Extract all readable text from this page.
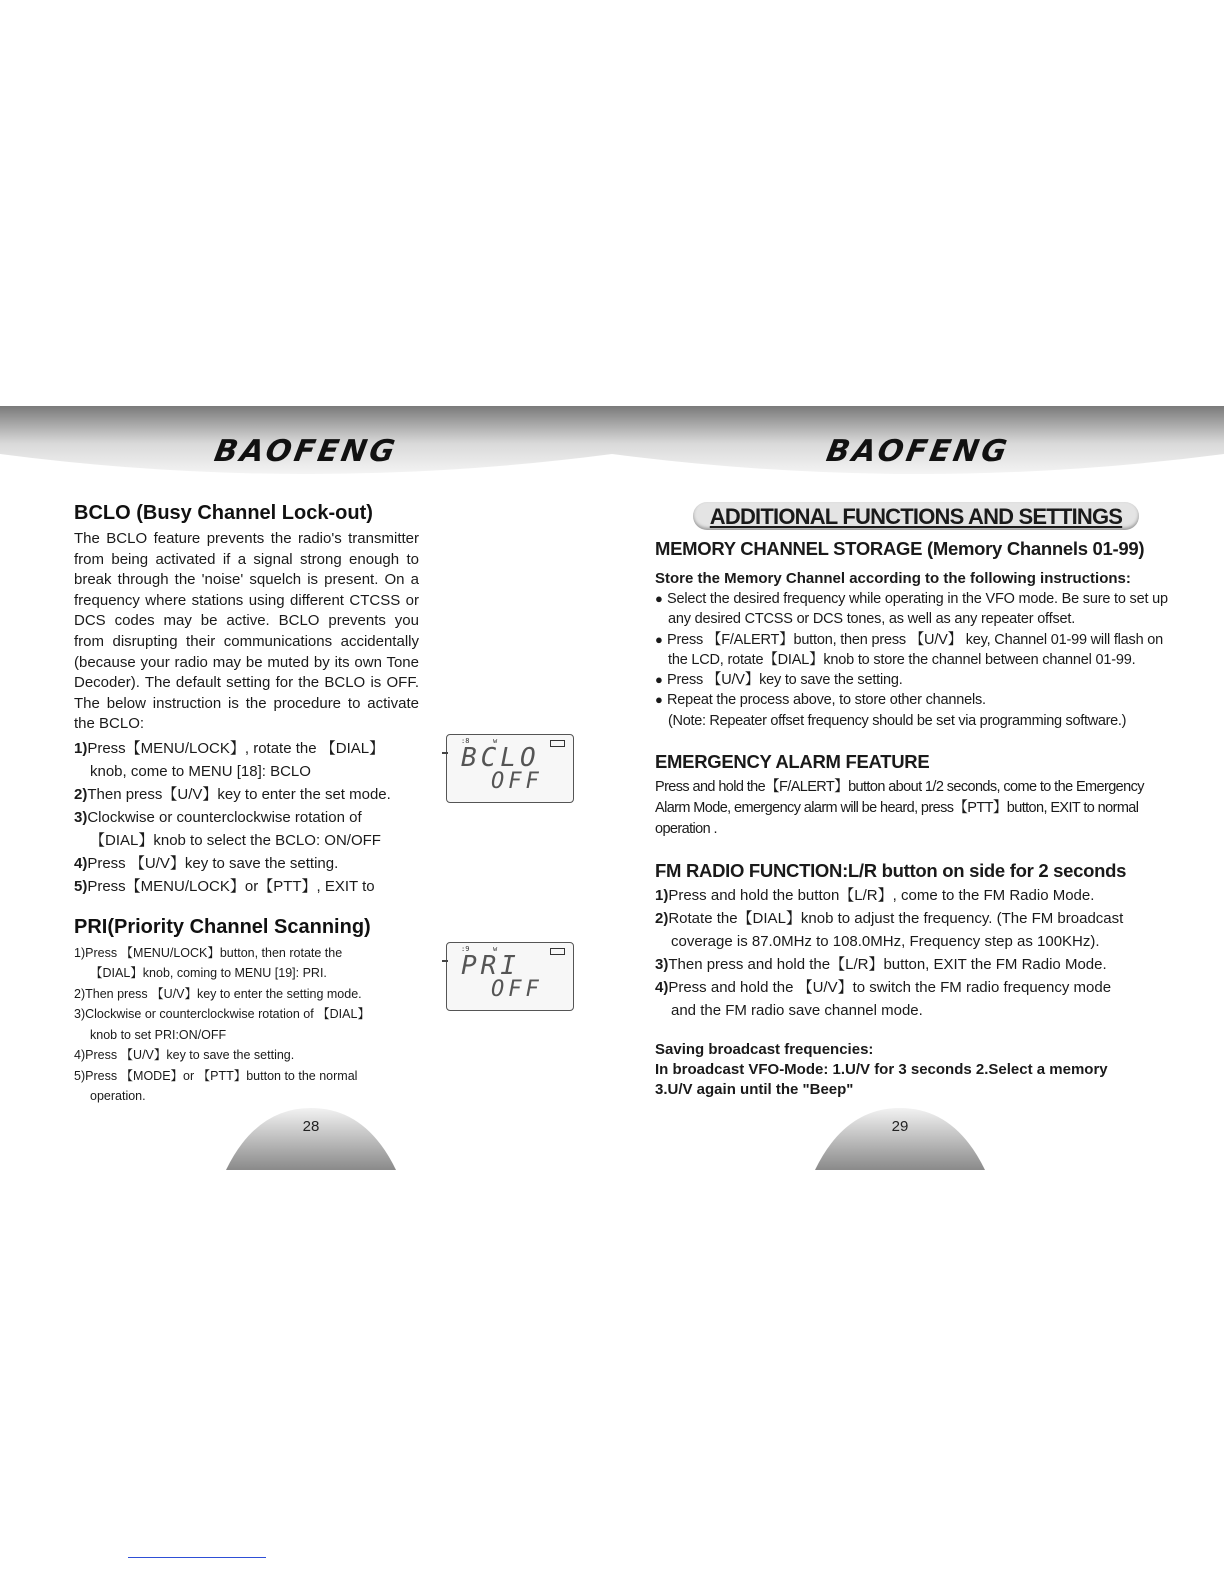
BAOFENG
BCLO (Busy Channel Lock-out)

The BCLO feature prevents the radio's transmitter from being activated if a signal strong enough to break through the 'noise' squelch is present. On a frequency where stations using different CTCSS or DCS codes may be active. BCLO prevents you from disrupting their communications accidentally (because your radio may be muted by its own Tone Decoder). The default setting for the BCLO is OFF. The below instruction is the procedure to activate the BCLO:

1)Press【MENU/LOCK】, rotate the 【DIAL】
knob, come to MENU [18]: BCLO
2)Then press【U/V】key to enter the set mode.
3)Clockwise or counterclockwise rotation of
【DIAL】knob to select the BCLO: ON/OFF
4)Press 【U/V】key to save the setting.
5)Press【MENU/LOCK】or【PTT】, EXIT to
PRI(Priority Channel Scanning)
1)Press 【MENU/LOCK】button, then rotate the
【DIAL】knob, coming to MENU [19]: PRI.
2)Then press 【U/V】key to enter the setting mode.
3)Clockwise or counterclockwise rotation of 【DIAL】
knob to set PRI:ON/OFF
4)Press 【U/V】key to save the setting.
5)Press 【MODE】or 【PTT】button to the normal
operation.
:8	w
BCLO
OFF
:9	w
PRI
OFF
28
BAOFENG
ADDITIONAL FUNCTIONS AND SETTINGS

MEMORY CHANNEL STORAGE (Memory Channels 01-99)

Store the Memory Channel according to the following instructions:

● Select the desired frequency while operating in the VFO mode. Be sure to set up any desired CTCSS or DCS tones, as well as any repeater offset.
● Press 【F/ALERT】button, then press 【U/V】 key, Channel 01-99 will flash on the LCD, rotate【DIAL】knob to store the channel between channel 01-99.
● Press 【U/V】key to save the setting.
● Repeat the process above, to store other channels.
(Note: Repeater offset frequency should be set via programming software.)

EMERGENCY ALARM FEATURE

Press and hold the【F/ALERT】button about 1/2 seconds, come to the Emergency Alarm Mode, emergency alarm will be heard, press【PTT】button, EXIT to normal operation .

FM RADIO FUNCTION:L/R button on side for 2 seconds

1)Press and hold the button【L/R】, come to the FM Radio Mode.
2)Rotate the【DIAL】knob to adjust the frequency. (The FM broadcast
coverage is 87.0MHz to 108.0MHz, Frequency step as 100KHz).
3)Then press and hold the【L/R】button, EXIT the FM Radio Mode.
4)Press and hold the 【U/V】to switch the FM radio frequency mode
and the FM radio save channel mode.

Saving broadcast frequencies:

In broadcast VFO-Mode: 1.U/V for 3 seconds 2.Select a memory

3.U/V again until the "Beep"

29
